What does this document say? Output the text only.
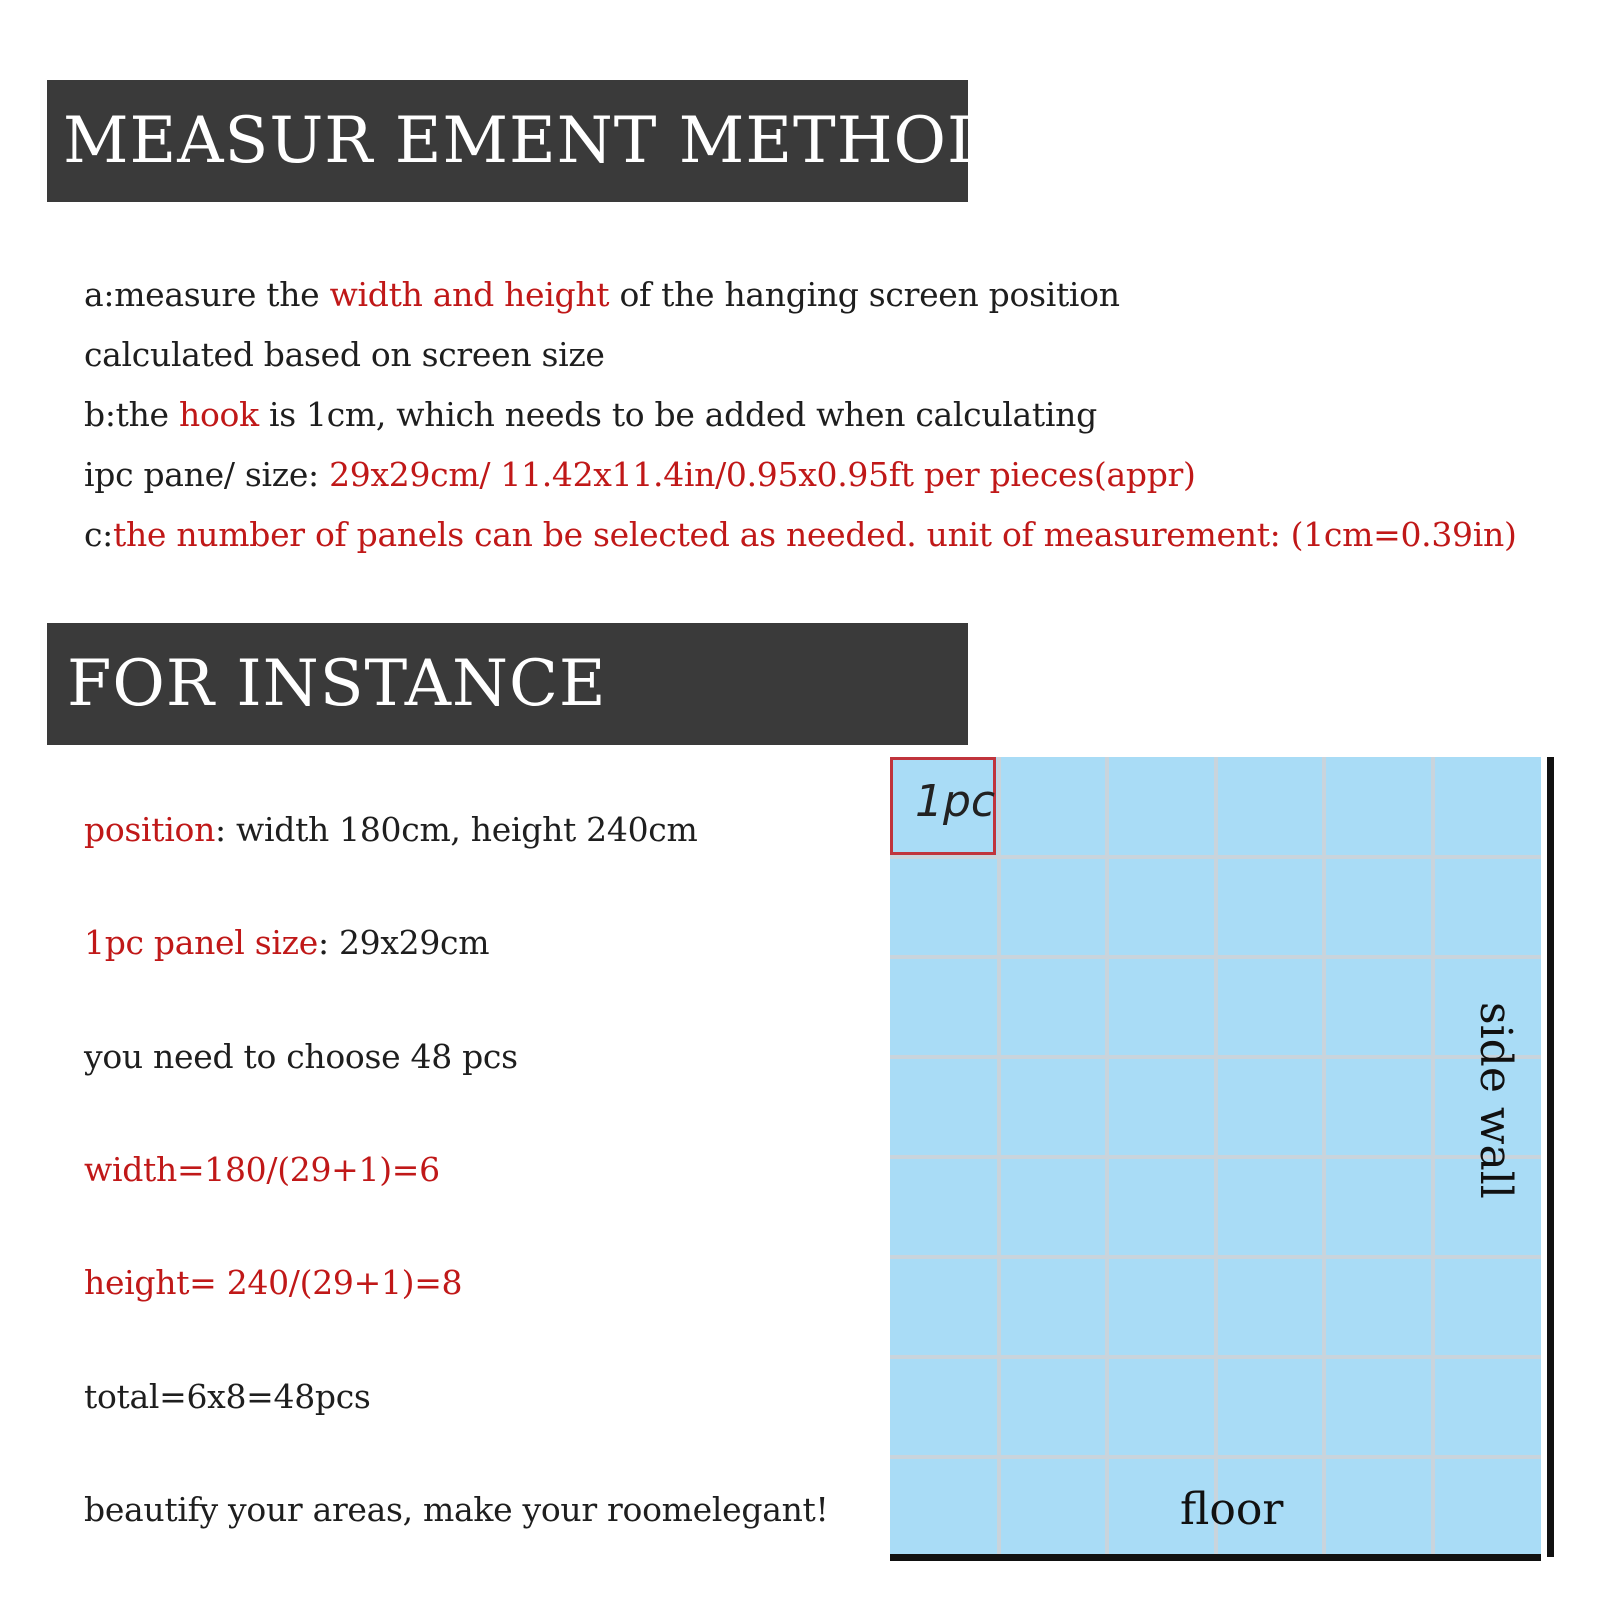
MEASUR EMENT METHOD
a:measure the width and height of the hanging screen position
calculated based on screen size
b:the hook is 1cm, which needs to be added when calculating
ipc pane/ size: 29x29cm/ 11.42x11.4in/0.95x0.95ft per pieces(appr)
c:the number of panels can be selected as needed. unit of measurement: (1cm=0.39in)
FOR INSTANCE
position: width 180cm, height 240cm
1pc panel size: 29x29cm
you need to choose 48 pcs
width=180/(29+1)=6
height= 240/(29+1)=8
total=6x8=48pcs
beautify your areas, make your roomelegant!
1pc
floor
side wall
